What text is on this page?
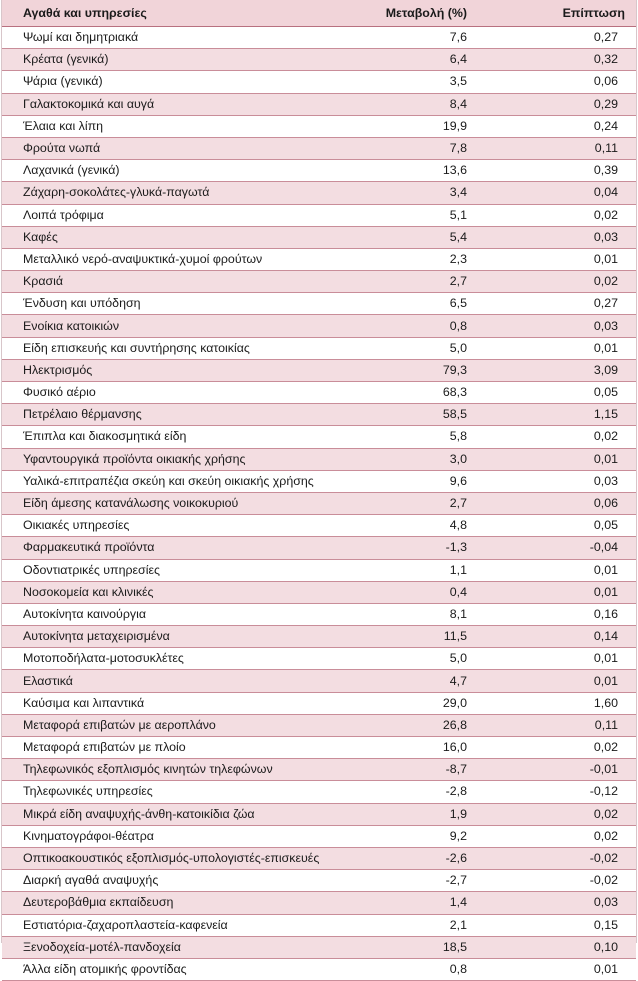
Αγαθά και υπηρεσίες	Μεταβολή (%)	Επίπτωση
Ψωμί και δημητριακά	7,6	0,27
Κρέατα (γενικά)	6,4	0,32
Ψάρια (γενικά)	3,5	0,06
Γαλακτοκομικά και αυγά	8,4	0,29
Έλαια και λίπη	19,9	0,24
Φρούτα νωπά	7,8	0,11
Λαχανικά (γενικά)	13,6	0,39
Ζάχαρη-σοκολάτες-γλυκά-παγωτά	3,4	0,04
Λοιπά τρόφιμα	5,1	0,02
Καφές	5,4	0,03
Μεταλλικό νερό-αναψυκτικά-χυμοί φρούτων	2,3	0,01
Κρασιά	2,7	0,02
Ένδυση και υπόδηση	6,5	0,27
Ενοίκια κατοικιών	0,8	0,03
Είδη επισκευής και συντήρησης κατοικίας	5,0	0,01
Ηλεκτρισμός	79,3	3,09
Φυσικό αέριο	68,3	0,05
Πετρέλαιο θέρμανσης	58,5	1,15
Έπιπλα και διακοσμητικά είδη	5,8	0,02
Υφαντουργικά προϊόντα οικιακής χρήσης	3,0	0,01
Υαλικά-επιτραπέζια σκεύη και σκεύη οικιακής χρήσης	9,6	0,03
Είδη άμεσης κατανάλωσης νοικοκυριού	2,7	0,06
Οικιακές υπηρεσίες	4,8	0,05
Φαρμακευτικά προϊόντα	-1,3	-0,04
Οδοντιατρικές υπηρεσίες	1,1	0,01
Νοσοκομεία και κλινικές	0,4	0,01
Αυτοκίνητα καινούργια	8,1	0,16
Αυτοκίνητα μεταχειρισμένα	11,5	0,14
Μοτοποδήλατα-μοτοσυκλέτες	5,0	0,01
Ελαστικά	4,7	0,01
Καύσιμα και λιπαντικά	29,0	1,60
Μεταφορά επιβατών με αεροπλάνο	26,8	0,11
Μεταφορά επιβατών με πλοίο	16,0	0,02
Τηλεφωνικός εξοπλισμός κινητών τηλεφώνων	-8,7	-0,01
Τηλεφωνικές υπηρεσίες	-2,8	-0,12
Μικρά είδη αναψυχής-άνθη-κατοικίδια ζώα	1,9	0,02
Κινηματογράφοι-θέατρα	9,2	0,02
Οπτικοακουστικός εξοπλισμός-υπολογιστές-επισκευές	-2,6	-0,02
Διαρκή αγαθά αναψυχής	-2,7	-0,02
Δευτεροβάθμια εκπαίδευση	1,4	0,03
Εστιατόρια-ζαχαροπλαστεία-καφενεία	2,1	0,15
Ξενοδοχεία-μοτέλ-πανδοχεία	18,5	0,10
Άλλα είδη ατομικής φροντίδας	0,8	0,01
